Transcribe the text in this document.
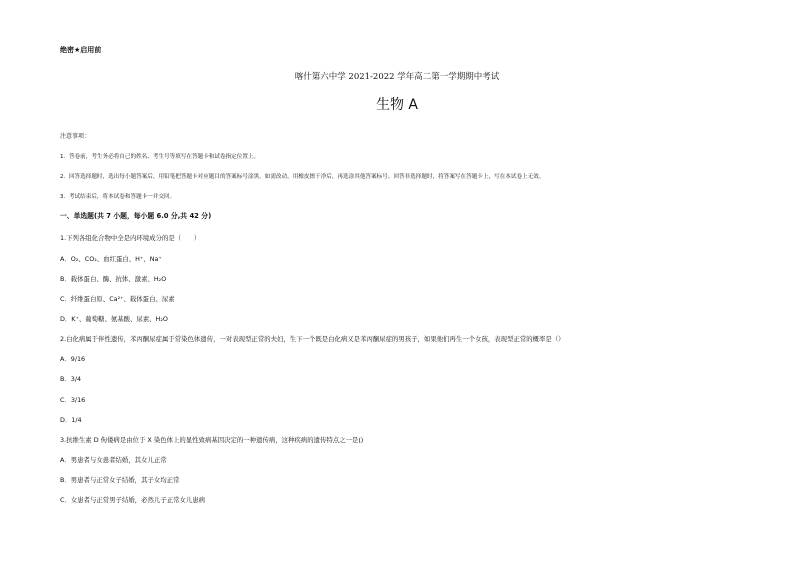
绝密★启用前
喀什第六中学 2021-2022 学年高二第一学期期中考试
生物 A
注意事项：
1．答卷前，考生务必将自己的姓名、考生号等填写在答题卡和试卷指定位置上。
2．回答选择题时，选出每小题答案后，用铅笔把答题卡对应题目的答案标号涂黑。如需改动，用橡皮擦干净后，再选涂其他答案标号。回答非选择题时，将答案写在答题卡上，写在本试卷上无效。
3．考试结束后，将本试卷和答题卡一并交回。
一、单选题(共 7 小题，每小题 6.0 分,共 42 分)
1.下列各组化合物中全是内环境成分的是（　　）
A．O₂、CO₂、血红蛋白、H⁺、Na⁺
B．载体蛋白、酶、抗体、激素、H₂O
C．纤维蛋白原、Ca²⁺、载体蛋白、尿素
D．K⁺、葡萄糖、氨基酸、尿素、H₂O
2.白化病属于伴性遗传，苯丙酮尿症属于常染色体遗传，一对表现型正常的夫妇，生下一个既是白化病又是苯丙酮尿症的男孩子，如果他们再生一个女孩，表现型正常的概率是（）
A．9/16
B．3/4
C．3/16
D．1/4
3.抗维生素 D 佝偻病是由位于 X 染色体上的显性致病基因决定的一种遗传病，这种疾病的遗传特点之一是()
A．男患者与女患者结婚，其女儿正常
B．男患者与正常女子结婚，其子女均正常
C．女患者与正常男子结婚，必然儿子正常女儿患病
